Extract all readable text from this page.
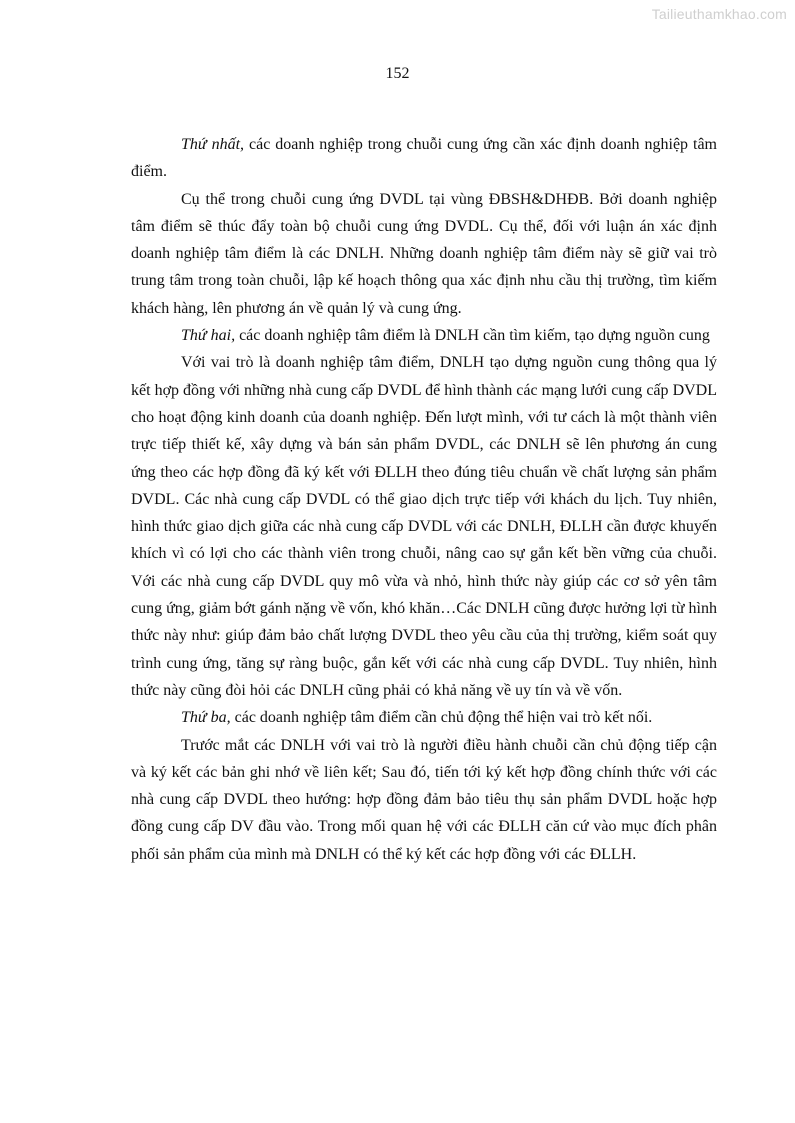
Tailieuthamkhao.com
152

Thứ nhất, các doanh nghiệp trong chuỗi cung ứng cần xác định doanh nghiệp tâm điểm.

Cụ thể trong chuỗi cung ứng DVDL tại vùng ĐBSH&DHĐB. Bởi doanh nghiệp tâm điểm sẽ thúc đẩy toàn bộ chuỗi cung ứng DVDL. Cụ thể, đối với luận án xác định doanh nghiệp tâm điểm là các DNLH. Những doanh nghiệp tâm điểm này sẽ giữ vai trò trung tâm trong toàn chuỗi, lập kế hoạch thông qua xác định nhu cầu thị trường, tìm kiếm khách hàng, lên phương án về quản lý và cung ứng.

Thứ hai, các doanh nghiệp tâm điểm là DNLH cần tìm kiếm, tạo dựng nguồn cung

Với vai trò là doanh nghiệp tâm điểm, DNLH tạo dựng nguồn cung thông qua lý kết hợp đồng với những nhà cung cấp DVDL để hình thành các mạng lưới cung cấp DVDL cho hoạt động kinh doanh của doanh nghiệp. Đến lượt mình, với tư cách là một thành viên trực tiếp thiết kế, xây dựng và bán sản phẩm DVDL, các DNLH sẽ lên phương án cung ứng theo các hợp đồng đã ký kết với ĐLLH theo đúng tiêu chuẩn về chất lượng sản phẩm DVDL. Các nhà cung cấp DVDL có thể giao dịch trực tiếp với khách du lịch. Tuy nhiên, hình thức giao dịch giữa các nhà cung cấp DVDL với các DNLH, ĐLLH cần được khuyến khích vì có lợi cho các thành viên trong chuỗi, nâng cao sự gắn kết bền vững của chuỗi. Với các nhà cung cấp DVDL quy mô vừa và nhỏ, hình thức này giúp các cơ sở yên tâm cung ứng, giảm bớt gánh nặng về vốn, khó khăn…Các DNLH cũng được hưởng lợi từ hình thức này như: giúp đảm bảo chất lượng DVDL theo yêu cầu của thị trường, kiểm soát quy trình cung ứng, tăng sự ràng buộc, gắn kết với các nhà cung cấp DVDL. Tuy nhiên, hình thức này cũng đòi hỏi các DNLH cũng phải có khả năng về uy tín và về vốn.

Thứ ba, các doanh nghiệp tâm điểm cần chủ động thể hiện vai trò kết nối.

Trước mắt các DNLH với vai trò là người điều hành chuỗi cần chủ động tiếp cận và ký kết các bản ghi nhớ về liên kết; Sau đó, tiến tới ký kết hợp đồng chính thức với các nhà cung cấp DVDL theo hướng: hợp đồng đảm bảo tiêu thụ sản phẩm DVDL hoặc hợp đồng cung cấp DV đầu vào. Trong mối quan hệ với các ĐLLH căn cứ vào mục đích phân phối sản phẩm của mình mà DNLH có thể ký kết các hợp đồng với các ĐLLH.
